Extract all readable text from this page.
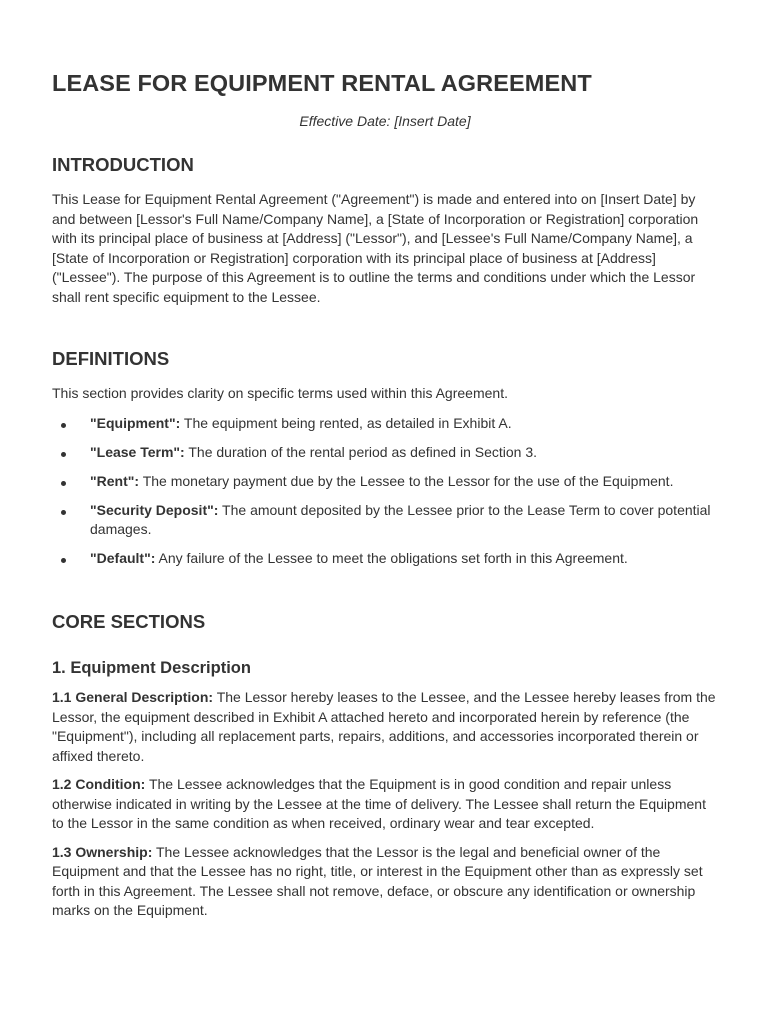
LEASE FOR EQUIPMENT RENTAL AGREEMENT
Effective Date: [Insert Date]
INTRODUCTION

This Lease for Equipment Rental Agreement ("Agreement") is made and entered into on [Insert Date] by and between [Lessor's Full Name/Company Name], a [State of Incorporation or Registration] corporation with its principal place of business at [Address] ("Lessor"), and [Lessee's Full Name/Company Name], a [State of Incorporation or Registration] corporation with its principal place of business at [Address] ("Lessee"). The purpose of this Agreement is to outline the terms and conditions under which the Lessor shall rent specific equipment to the Lessee.

DEFINITIONS

This section provides clarity on specific terms used within this Agreement.

"Equipment": The equipment being rented, as detailed in Exhibit A.
"Lease Term": The duration of the rental period as defined in Section 3.
"Rent": The monetary payment due by the Lessee to the Lessor for the use of the Equipment.
"Security Deposit": The amount deposited by the Lessee prior to the Lease Term to cover potential damages.
"Default": Any failure of the Lessee to meet the obligations set forth in this Agreement.
CORE SECTIONS
1. Equipment Description

1.1 General Description: The Lessor hereby leases to the Lessee, and the Lessee hereby leases from the Lessor, the equipment described in Exhibit A attached hereto and incorporated herein by reference (the "Equipment"), including all replacement parts, repairs, additions, and accessories incorporated therein or affixed thereto.

1.2 Condition: The Lessee acknowledges that the Equipment is in good condition and repair unless otherwise indicated in writing by the Lessee at the time of delivery. The Lessee shall return the Equipment to the Lessor in the same condition as when received, ordinary wear and tear excepted.

1.3 Ownership: The Lessee acknowledges that the Lessor is the legal and beneficial owner of the Equipment and that the Lessee has no right, title, or interest in the Equipment other than as expressly set forth in this Agreement. The Lessee shall not remove, deface, or obscure any identification or ownership marks on the Equipment.
